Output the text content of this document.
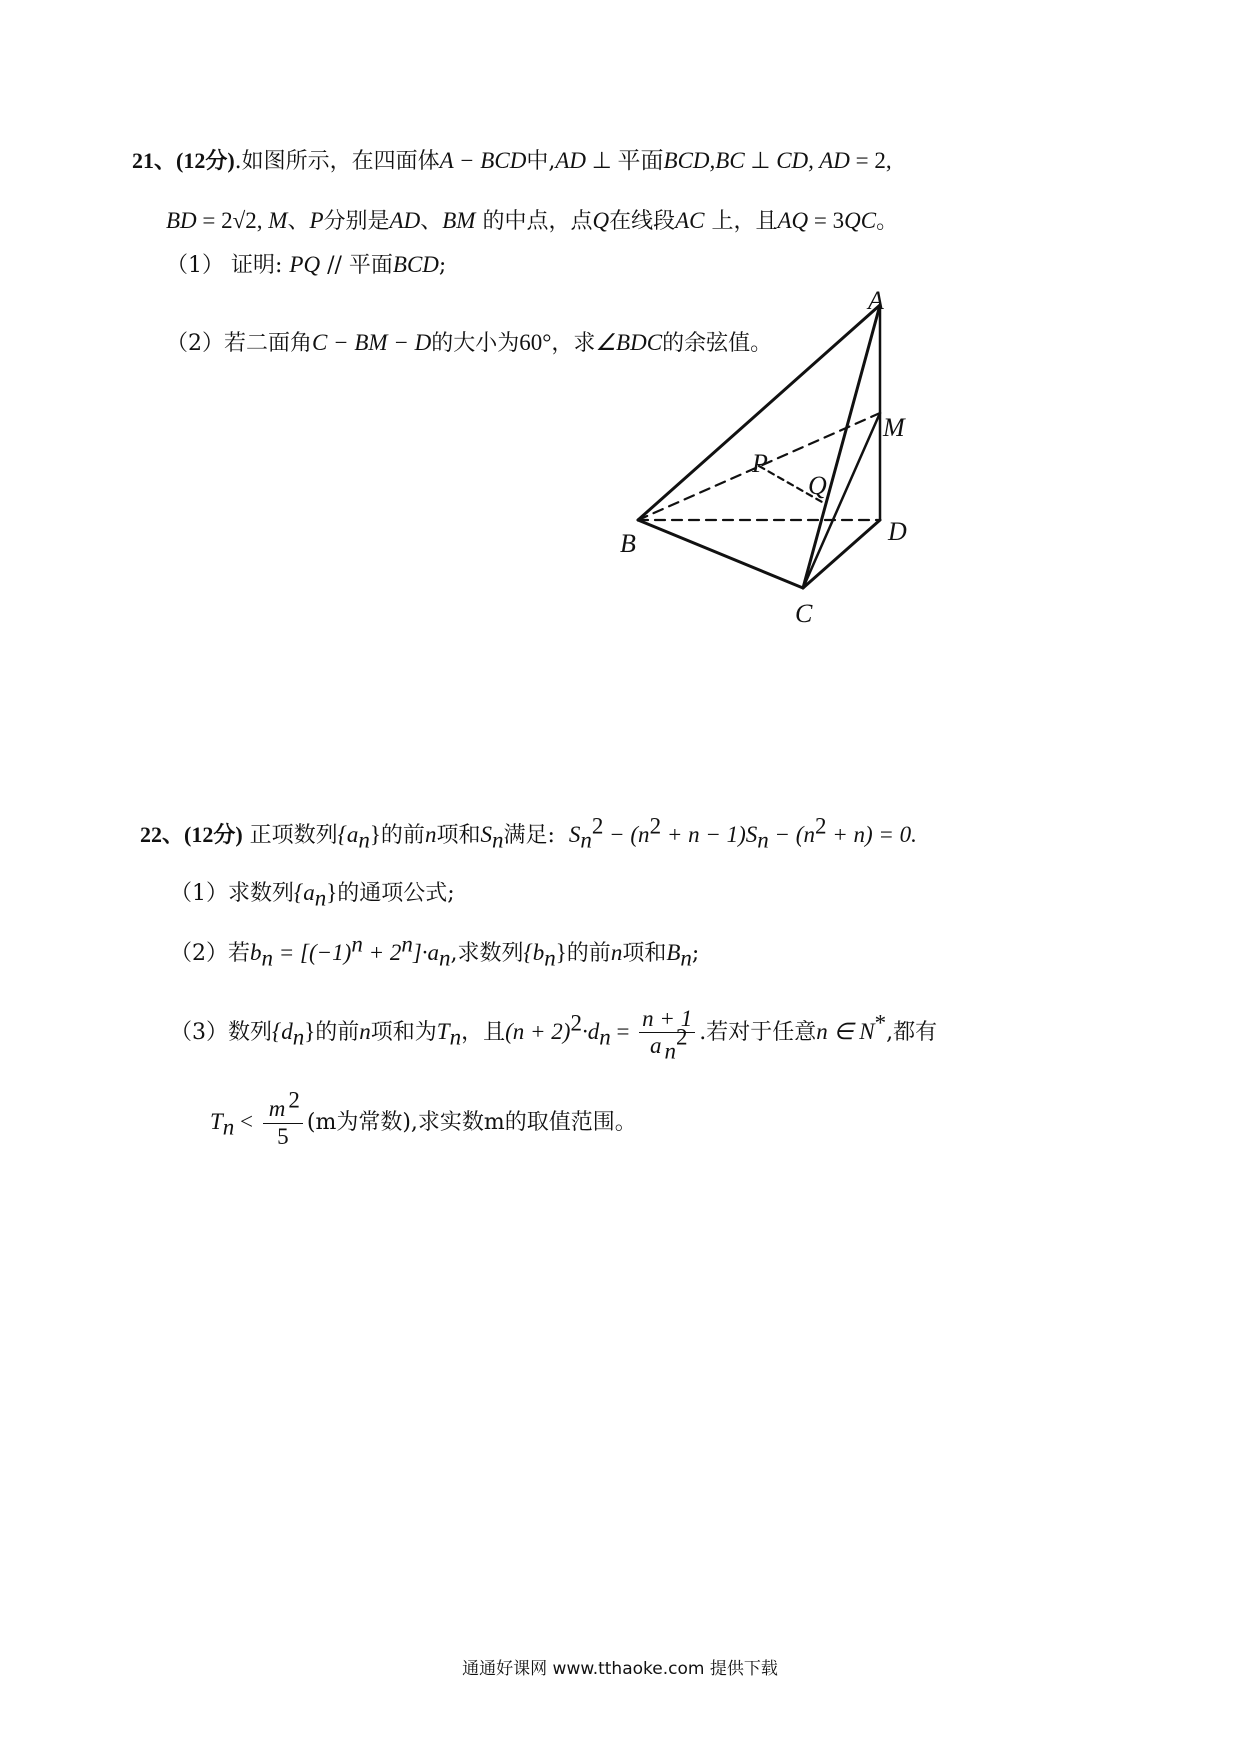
21、(12分).如图所示，在四面体A − BCD中,AD ⊥ 平面BCD,BC ⊥ CD, AD = 2,
BD = 2√2, M、P分别是AD、BM 的中点，点Q在线段AC 上，且AQ = 3QC。
（1） 证明: PQ // 平面BCD;
（2）若二面角C − BM − D的大小为60°，求∠BDC的余弦值。
A
B
C
D
M
P
Q
22、(12分) 正项数列$\{a_n\}$的前n项和$S_n$满足: $S_n^2 - (n^2 + n - 1)S_n - (n^2 + n) = 0$.
（1）求数列$\{a_n\}$的通项公式;
（2）若$b_n = [(-1)^n + 2^n]\cdot a_n$,求数列$\{b_n\}$的前n项和$B_n$;
（3）数列$\{d_n\}$的前n项和为$T_n$，且$(n + 2)^2\cdot d_n = \frac{n + 1}{a _n^2}$ .若对于任意n ∈ N*,都有
$T_n < \frac{m ^2}{5} (m$为常数),求实数m的取值范围。
通通好课网 www.tthaoke.com 提供下载
